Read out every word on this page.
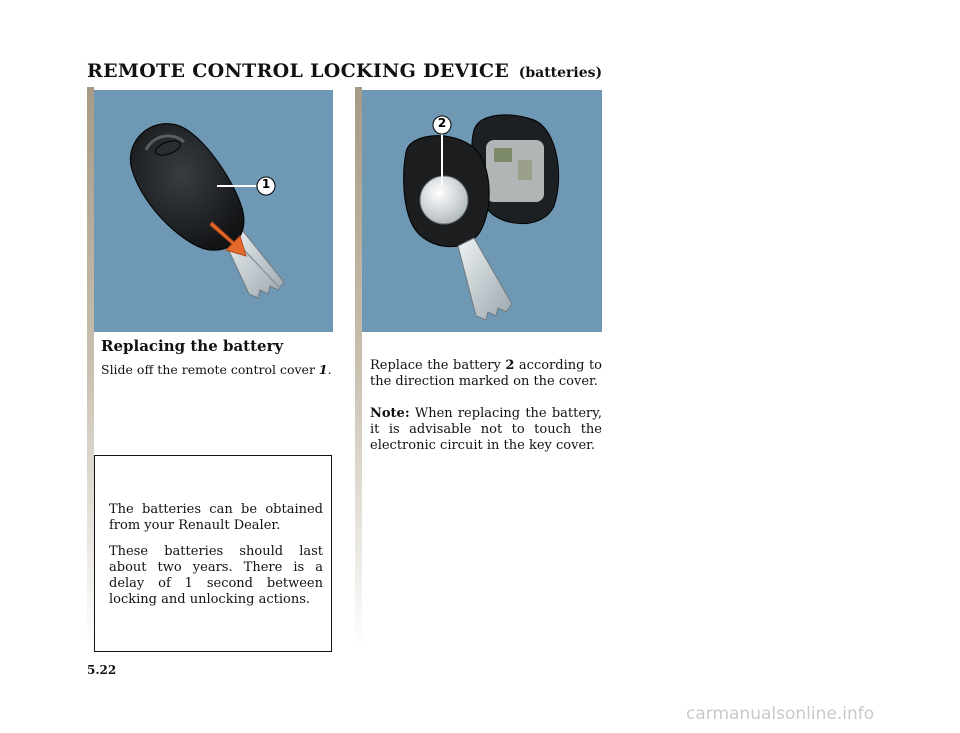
REMOTE CONTROL LOCKING DEVICE (batteries)
1
2
Replacing the battery
Slide off the remote control cover 1.	Replace the battery 2 according to the direction marked on the cover.
Note: When replacing the battery, it is advisable not to touch the electronic circuit in the key cover.

The batteries can be obtained from your Renault Dealer.

These batteries should last about two years. There is a delay of 1 second between locking and unlocking actions.

5.22
carmanualsonline.info
